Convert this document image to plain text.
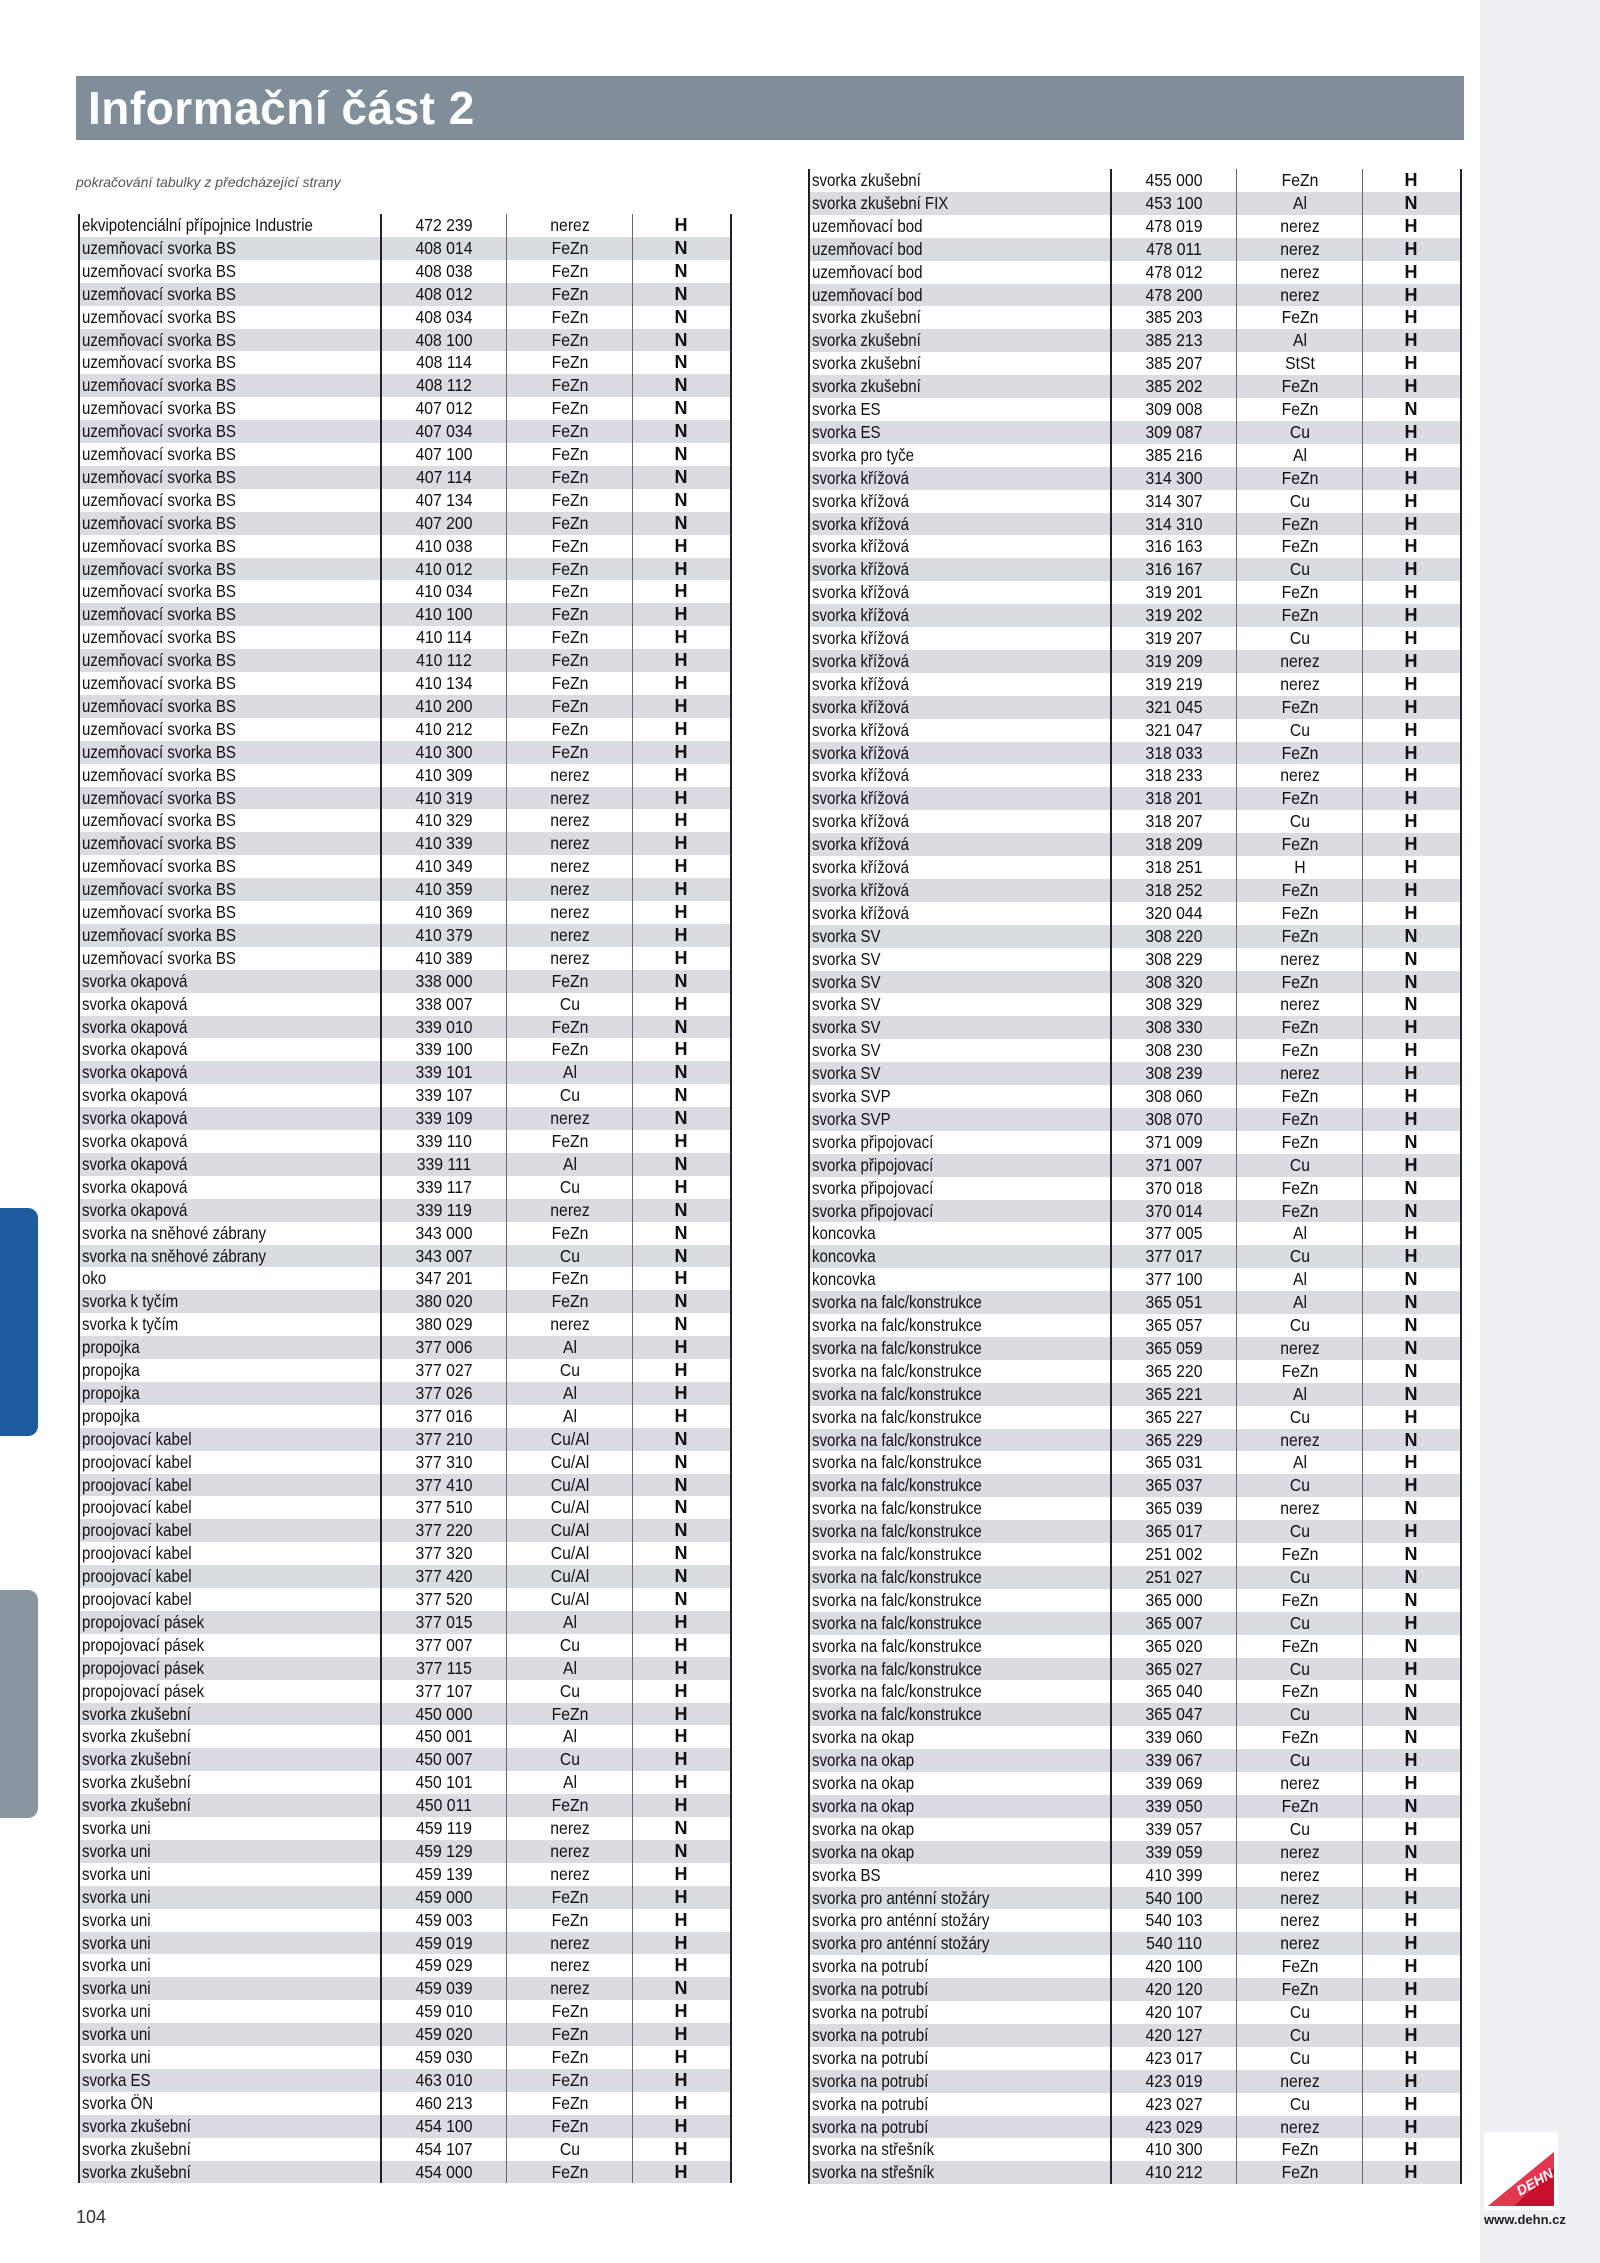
Informační část 2
pokračování tabulky z předcházející strany
ekvipotenciální přípojnice Industrie	472 239	nerez	H
uzemňovací svorka BS	408 014	FeZn	N
uzemňovací svorka BS	408 038	FeZn	N
uzemňovací svorka BS	408 012	FeZn	N
uzemňovací svorka BS	408 034	FeZn	N
uzemňovací svorka BS	408 100	FeZn	N
uzemňovací svorka BS	408 114	FeZn	N
uzemňovací svorka BS	408 112	FeZn	N
uzemňovací svorka BS	407 012	FeZn	N
uzemňovací svorka BS	407 034	FeZn	N
uzemňovací svorka BS	407 100	FeZn	N
uzemňovací svorka BS	407 114	FeZn	N
uzemňovací svorka BS	407 134	FeZn	N
uzemňovací svorka BS	407 200	FeZn	N
uzemňovací svorka BS	410 038	FeZn	H
uzemňovací svorka BS	410 012	FeZn	H
uzemňovací svorka BS	410 034	FeZn	H
uzemňovací svorka BS	410 100	FeZn	H
uzemňovací svorka BS	410 114	FeZn	H
uzemňovací svorka BS	410 112	FeZn	H
uzemňovací svorka BS	410 134	FeZn	H
uzemňovací svorka BS	410 200	FeZn	H
uzemňovací svorka BS	410 212	FeZn	H
uzemňovací svorka BS	410 300	FeZn	H
uzemňovací svorka BS	410 309	nerez	H
uzemňovací svorka BS	410 319	nerez	H
uzemňovací svorka BS	410 329	nerez	H
uzemňovací svorka BS	410 339	nerez	H
uzemňovací svorka BS	410 349	nerez	H
uzemňovací svorka BS	410 359	nerez	H
uzemňovací svorka BS	410 369	nerez	H
uzemňovací svorka BS	410 379	nerez	H
uzemňovací svorka BS	410 389	nerez	H
svorka okapová	338 000	FeZn	N
svorka okapová	338 007	Cu	H
svorka okapová	339 010	FeZn	N
svorka okapová	339 100	FeZn	H
svorka okapová	339 101	Al	N
svorka okapová	339 107	Cu	N
svorka okapová	339 109	nerez	N
svorka okapová	339 110	FeZn	H
svorka okapová	339 111	Al	N
svorka okapová	339 117	Cu	H
svorka okapová	339 119	nerez	N
svorka na sněhové zábrany	343 000	FeZn	N
svorka na sněhové zábrany	343 007	Cu	N
oko	347 201	FeZn	H
svorka k tyčím	380 020	FeZn	N
svorka k tyčím	380 029	nerez	N
propojka	377 006	Al	H
propojka	377 027	Cu	H
propojka	377 026	Al	H
propojka	377 016	Al	H
proojovací kabel	377 210	Cu/Al	N
proojovací kabel	377 310	Cu/Al	N
proojovací kabel	377 410	Cu/Al	N
proojovací kabel	377 510	Cu/Al	N
proojovací kabel	377 220	Cu/Al	N
proojovací kabel	377 320	Cu/Al	N
proojovací kabel	377 420	Cu/Al	N
proojovací kabel	377 520	Cu/Al	N
propojovací pásek	377 015	Al	H
propojovací pásek	377 007	Cu	H
propojovací pásek	377 115	Al	H
propojovací pásek	377 107	Cu	H
svorka zkušební	450 000	FeZn	H
svorka zkušební	450 001	Al	H
svorka zkušební	450 007	Cu	H
svorka zkušební	450 101	Al	H
svorka zkušební	450 011	FeZn	H
svorka uni	459 119	nerez	N
svorka uni	459 129	nerez	N
svorka uni	459 139	nerez	H
svorka uni	459 000	FeZn	H
svorka uni	459 003	FeZn	H
svorka uni	459 019	nerez	H
svorka uni	459 029	nerez	H
svorka uni	459 039	nerez	N
svorka uni	459 010	FeZn	H
svorka uni	459 020	FeZn	H
svorka uni	459 030	FeZn	H
svorka ES	463 010	FeZn	H
svorka ÖN	460 213	FeZn	H
svorka zkušební	454 100	FeZn	H
svorka zkušební	454 107	Cu	H
svorka zkušební	454 000	FeZn	H
svorka zkušební	455 000	FeZn	H
svorka zkušební FIX	453 100	Al	N
uzemňovací bod	478 019	nerez	H
uzemňovací bod	478 011	nerez	H
uzemňovací bod	478 012	nerez	H
uzemňovací bod	478 200	nerez	H
svorka zkušební	385 203	FeZn	H
svorka zkušební	385 213	Al	H
svorka zkušební	385 207	StSt	H
svorka zkušební	385 202	FeZn	H
svorka ES	309 008	FeZn	N
svorka ES	309 087	Cu	H
svorka pro tyče	385 216	Al	H
svorka křížová	314 300	FeZn	H
svorka křížová	314 307	Cu	H
svorka křížová	314 310	FeZn	H
svorka křížová	316 163	FeZn	H
svorka křížová	316 167	Cu	H
svorka křížová	319 201	FeZn	H
svorka křížová	319 202	FeZn	H
svorka křížová	319 207	Cu	H
svorka křížová	319 209	nerez	H
svorka křížová	319 219	nerez	H
svorka křížová	321 045	FeZn	H
svorka křížová	321 047	Cu	H
svorka křížová	318 033	FeZn	H
svorka křížová	318 233	nerez	H
svorka křížová	318 201	FeZn	H
svorka křížová	318 207	Cu	H
svorka křížová	318 209	FeZn	H
svorka křížová	318 251	H	H
svorka křížová	318 252	FeZn	H
svorka křížová	320 044	FeZn	H
svorka SV	308 220	FeZn	N
svorka SV	308 229	nerez	N
svorka SV	308 320	FeZn	N
svorka SV	308 329	nerez	N
svorka SV	308 330	FeZn	H
svorka SV	308 230	FeZn	H
svorka SV	308 239	nerez	H
svorka SVP	308 060	FeZn	H
svorka SVP	308 070	FeZn	H
svorka připojovací	371 009	FeZn	N
svorka připojovací	371 007	Cu	H
svorka připojovací	370 018	FeZn	N
svorka připojovací	370 014	FeZn	N
koncovka	377 005	Al	H
koncovka	377 017	Cu	H
koncovka	377 100	Al	N
svorka na falc/konstrukce	365 051	Al	N
svorka na falc/konstrukce	365 057	Cu	N
svorka na falc/konstrukce	365 059	nerez	N
svorka na falc/konstrukce	365 220	FeZn	N
svorka na falc/konstrukce	365 221	Al	N
svorka na falc/konstrukce	365 227	Cu	H
svorka na falc/konstrukce	365 229	nerez	N
svorka na falc/konstrukce	365 031	Al	H
svorka na falc/konstrukce	365 037	Cu	H
svorka na falc/konstrukce	365 039	nerez	N
svorka na falc/konstrukce	365 017	Cu	H
svorka na falc/konstrukce	251 002	FeZn	N
svorka na falc/konstrukce	251 027	Cu	N
svorka na falc/konstrukce	365 000	FeZn	N
svorka na falc/konstrukce	365 007	Cu	H
svorka na falc/konstrukce	365 020	FeZn	N
svorka na falc/konstrukce	365 027	Cu	H
svorka na falc/konstrukce	365 040	FeZn	N
svorka na falc/konstrukce	365 047	Cu	N
svorka na okap	339 060	FeZn	N
svorka na okap	339 067	Cu	H
svorka na okap	339 069	nerez	H
svorka na okap	339 050	FeZn	N
svorka na okap	339 057	Cu	H
svorka na okap	339 059	nerez	N
svorka BS	410 399	nerez	H
svorka pro anténní stožáry	540 100	nerez	H
svorka pro anténní stožáry	540 103	nerez	H
svorka pro anténní stožáry	540 110	nerez	H
svorka na potrubí	420 100	FeZn	H
svorka na potrubí	420 120	FeZn	H
svorka na potrubí	420 107	Cu	H
svorka na potrubí	420 127	Cu	H
svorka na potrubí	423 017	Cu	H
svorka na potrubí	423 019	nerez	H
svorka na potrubí	423 027	Cu	H
svorka na potrubí	423 029	nerez	H
svorka na střešník	410 300	FeZn	H
svorka na střešník	410 212	FeZn	H
104
DEHN
www.dehn.cz
